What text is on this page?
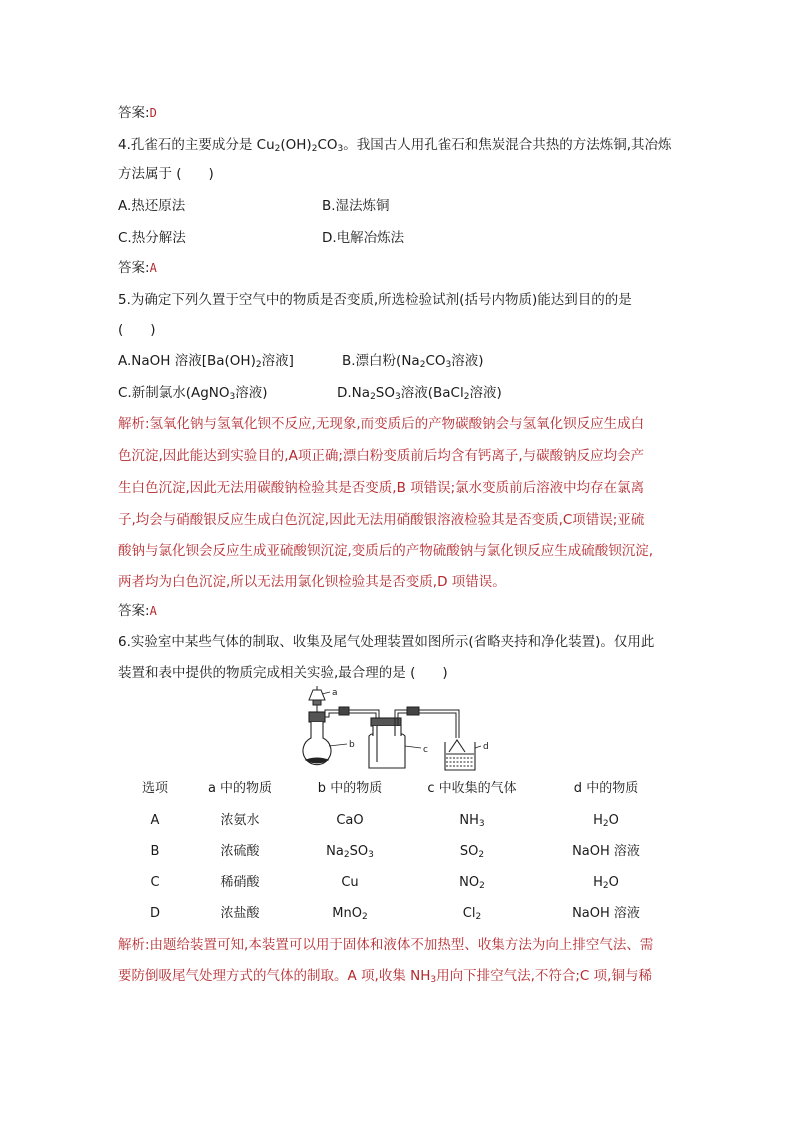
答案:D
4.孔雀石的主要成分是 $Cu_2(OH)_2CO_3$。我国古人用孔雀石和焦炭混合共热的方法炼铜,其冶炼
方法属于 (　　)
A.热还原法	B.湿法炼铜
C.热分解法	D.电解冶炼法
答案:A
5.为确定下列久置于空气中的物质是否变质,所选检验试剂(括号内物质)能达到目的的是
(　　)
A.NaOH 溶液[$Ba(OH)_2$溶液]	B.漂白粉($Na_2CO_3$溶液)
C.新制氯水(AgNO$_3$溶液)	$D.Na_2SO_3$溶液(BaCl$_2$溶液)
解析:氢氧化钠与氢氧化钡不反应,无现象,而变质后的产物碳酸钠会与氢氧化钡反应生成白
色沉淀,因此能达到实验目的,A项正确;漂白粉变质前后均含有钙离子,与碳酸钠反应均会产
生白色沉淀,因此无法用碳酸钠检验其是否变质,B 项错误;氯水变质前后溶液中均存在氯离
子,均会与硝酸银反应生成白色沉淀,因此无法用硝酸银溶液检验其是否变质,C项错误;亚硫
酸钠与氯化钡会反应生成亚硫酸钡沉淀,变质后的产物硫酸钠与氯化钡反应生成硫酸钡沉淀,
两者均为白色沉淀,所以无法用氯化钡检验其是否变质,D 项错误。
答案:A
6.实验室中某些气体的制取、收集及尾气处理装置如图所示(省略夹持和净化装置)。仅用此
装置和表中提供的物质完成相关实验,最合理的是 (　　)
a
b	c	d
选项	a 中的物质	b 中的物质	c 中收集的气体	d 中的物质
A	浓氨水	CaO	$NH_3$	$H_2O$
B	浓硫酸	$Na_2SO_3$	$SO_2$	NaOH 溶液
C	稀硝酸	Cu	$NO_2$	$H_2O$
D	浓盐酸	MnO$_2$	$Cl_2$	NaOH 溶液
解析:由题给装置可知,本装置可以用于固体和液体不加热型、收集方法为向上排空气法、需
要防倒吸尾气处理方式的气体的制取。A 项,收集 $NH_3$用向下排空气法,不符合;C 项,铜与稀
